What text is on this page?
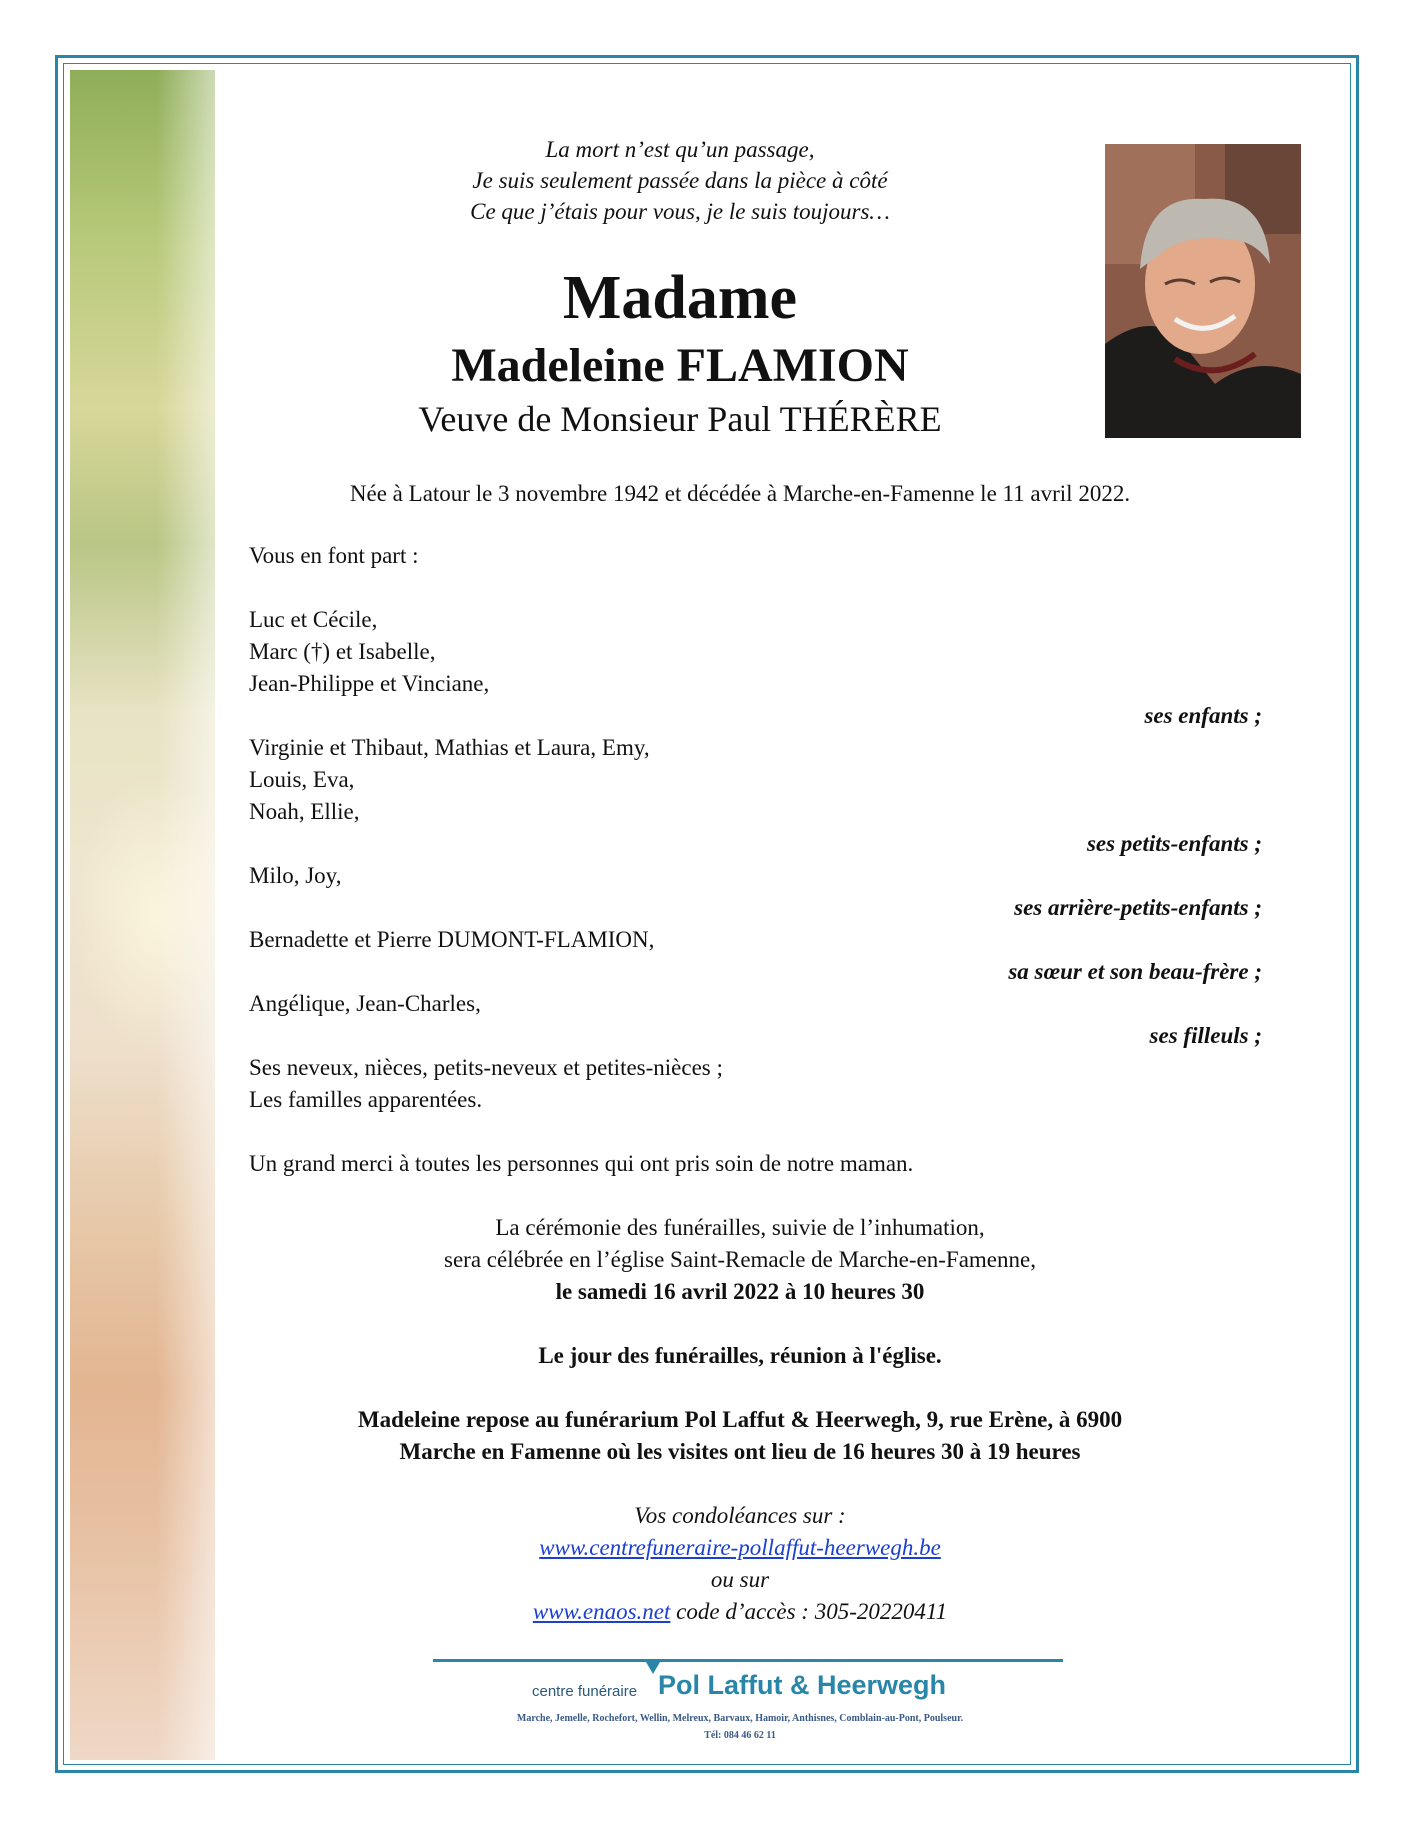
La mort n’est qu’un passage,
Je suis seulement passée dans la pièce à côté
Ce que j’étais pour vous, je le suis toujours…
Madame
Madeleine FLAMION
Veuve de Monsieur Paul THÉRÈRE
Née à Latour le 3 novembre 1942 et décédée à Marche-en-Famenne le 11 avril 2022.
Vous en font part :
Luc et Cécile,
Marc (†) et Isabelle,
Jean-Philippe et Vinciane,
ses enfants ;
Virginie et Thibaut, Mathias et Laura, Emy,
Louis, Eva,
Noah, Ellie,
ses petits-enfants ;
Milo, Joy,
ses arrière-petits-enfants ;
Bernadette et Pierre DUMONT-FLAMION,
sa sœur et son beau-frère ;
Angélique, Jean-Charles,
ses filleuls ;
Ses neveux, nièces, petits-neveux et petites-nièces ;
Les familles apparentées.
Un grand merci à toutes les personnes qui ont pris soin de notre maman.
La cérémonie des funérailles, suivie de l’inhumation,
sera célébrée en l’église Saint-Remacle de Marche-en-Famenne,
le samedi 16 avril 2022 à 10 heures 30
Le jour des funérailles, réunion à l'église.
Madeleine repose au funérarium Pol Laffut & Heerwegh, 9, rue Erène, à 6900
Marche en Famenne où les visites ont lieu de 16 heures 30 à 19 heures
Vos condoléances sur :
www.centrefuneraire-pollaffut-heerwegh.be
ou sur
www.enaos.net code d’accès : 305-20220411
centre funéraire Pol Laffut & Heerwegh
Marche, Jemelle, Rochefort, Wellin, Melreux, Barvaux, Hamoir, Anthisnes, Comblain-au-Pont, Poulseur.
Tél: 084 46 62 11
